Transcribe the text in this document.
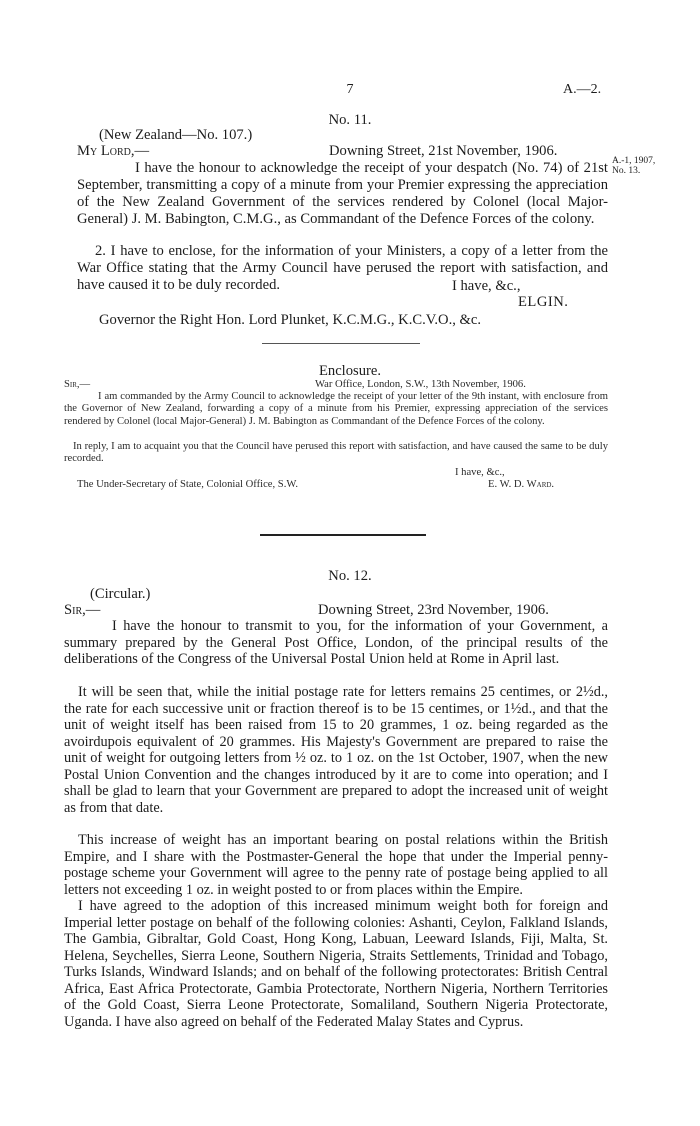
7	A.—2.
No. 11.
(New Zealand—No. 107.)
My Lord,—	Downing Street, 21st November, 1906.
A.-1, 1907,
No. 13.

I have the honour to acknowledge the receipt of your despatch (No. 74) of 21st September, transmitting a copy of a minute from your Premier expressing the appreciation of the New Zealand Government of the services rendered by Colonel (local Major-General) J. M. Babington, C.M.G., as Commandant of the Defence Forces of the colony.

2. I have to enclose, for the information of your Ministers, a copy of a letter from the War Office stating that the Army Council have perused the report with satisfaction, and have caused it to be duly recorded.	I have, &c.,
ELGIN.
Governor the Right Hon. Lord Plunket, K.C.M.G., K.C.V.O., &c.
Enclosure.
Sir,—	War Office, London, S.W., 13th November, 1906.

I am commanded by the Army Council to acknowledge the receipt of your letter of the 9th instant, with enclosure from the Governor of New Zealand, forwarding a copy of a minute from his Premier, expressing appreciation of the services rendered by Colonel (local Major-General) J. M. Babington as Commandant of the Defence Forces of the colony.

In reply, I am to acquaint you that the Council have perused this report with satisfaction, and have caused the same to be duly recorded.

I have, &c.,
The Under-Secretary of State, Colonial Office, S.W.	E. W. D. Ward.
No. 12.
(Circular.)
Sir,—	Downing Street, 23rd November, 1906.

I have the honour to transmit to you, for the information of your Government, a summary prepared by the General Post Office, London, of the principal results of the deliberations of the Congress of the Universal Postal Union held at Rome in April last.

It will be seen that, while the initial postage rate for letters remains 25 centimes, or 2½d., the rate for each successive unit or fraction thereof is to be 15 centimes, or 1½d., and that the unit of weight itself has been raised from 15 to 20 grammes, 1 oz. being regarded as the avoirdupois equivalent of 20 grammes. His Majesty's Government are prepared to raise the unit of weight for outgoing letters from ½ oz. to 1 oz. on the 1st October, 1907, when the new Postal Union Convention and the changes introduced by it are to come into operation; and I shall be glad to learn that your Government are prepared to adopt the increased unit of weight as from that date.

This increase of weight has an important bearing on postal relations within the British Empire, and I share with the Postmaster-General the hope that under the Imperial penny-postage scheme your Government will agree to the penny rate of postage being applied to all letters not exceeding 1 oz. in weight posted to or from places within the Empire.

I have agreed to the adoption of this increased minimum weight both for foreign and Imperial letter postage on behalf of the following colonies: Ashanti, Ceylon, Falkland Islands, The Gambia, Gibraltar, Gold Coast, Hong Kong, Labuan, Leeward Islands, Fiji, Malta, St. Helena, Seychelles, Sierra Leone, Southern Nigeria, Straits Settlements, Trinidad and Tobago, Turks Islands, Windward Islands; and on behalf of the following protectorates: British Central Africa, East Africa Protectorate, Gambia Protectorate, Northern Nigeria, Northern Territories of the Gold Coast, Sierra Leone Protectorate, Somaliland, Southern Nigeria Protectorate, Uganda. I have also agreed on behalf of the Federated Malay States and Cyprus.
